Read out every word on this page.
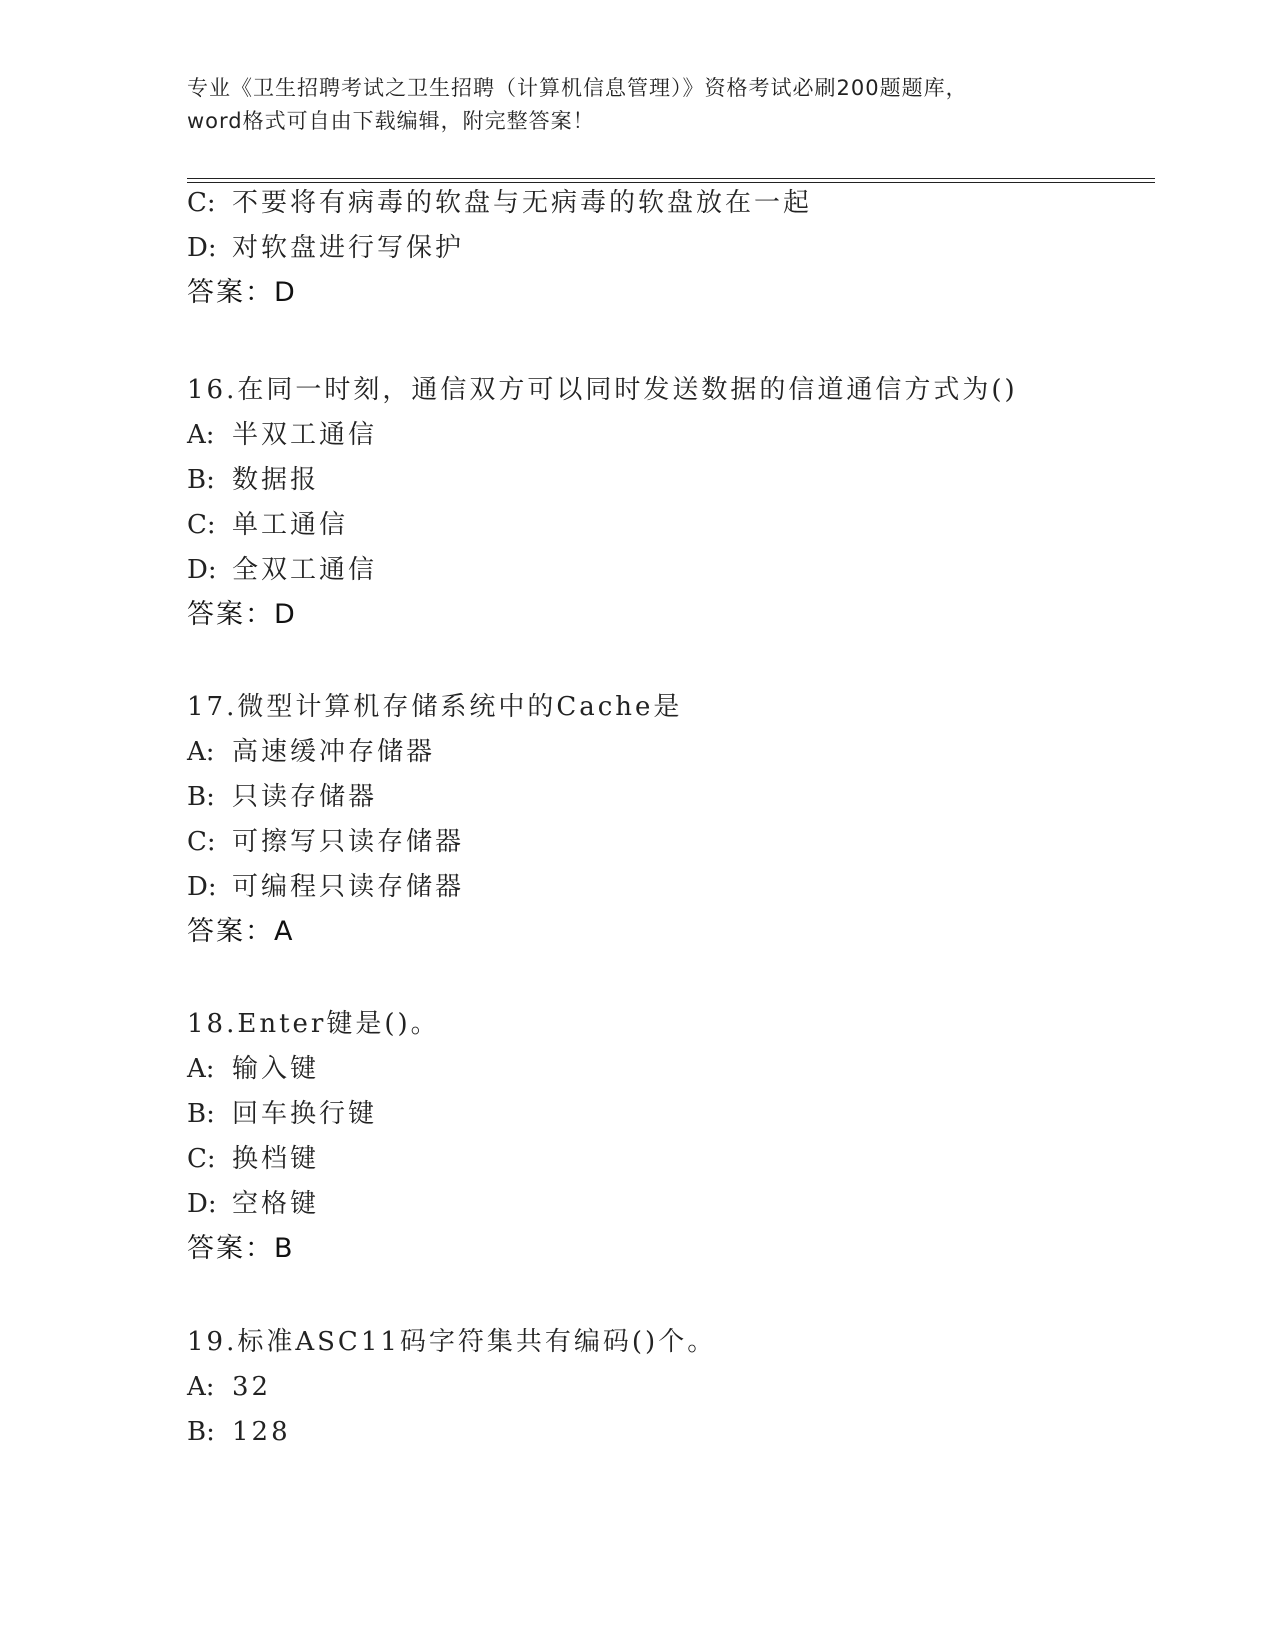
专业《卫生招聘考试之卫生招聘（计算机信息管理）》资格考试必刷200题题库，
word格式可自由下载编辑，附完整答案！
C: 不要将有病毒的软盘与无病毒的软盘放在一起
D: 对软盘进行写保护
答案：D
16.在同一时刻，通信双方可以同时发送数据的信道通信方式为()
A: 半双工通信
B: 数据报
C: 单工通信
D: 全双工通信
答案：D
17.微型计算机存储系统中的Cache是
A: 高速缓冲存储器
B: 只读存储器
C: 可擦写只读存储器
D: 可编程只读存储器
答案：A
18.Enter键是()。
A: 输入键
B: 回车换行键
C: 换档键
D: 空格键
答案：B
19.标准ASC11码字符集共有编码()个。
A: 32
B: 128
